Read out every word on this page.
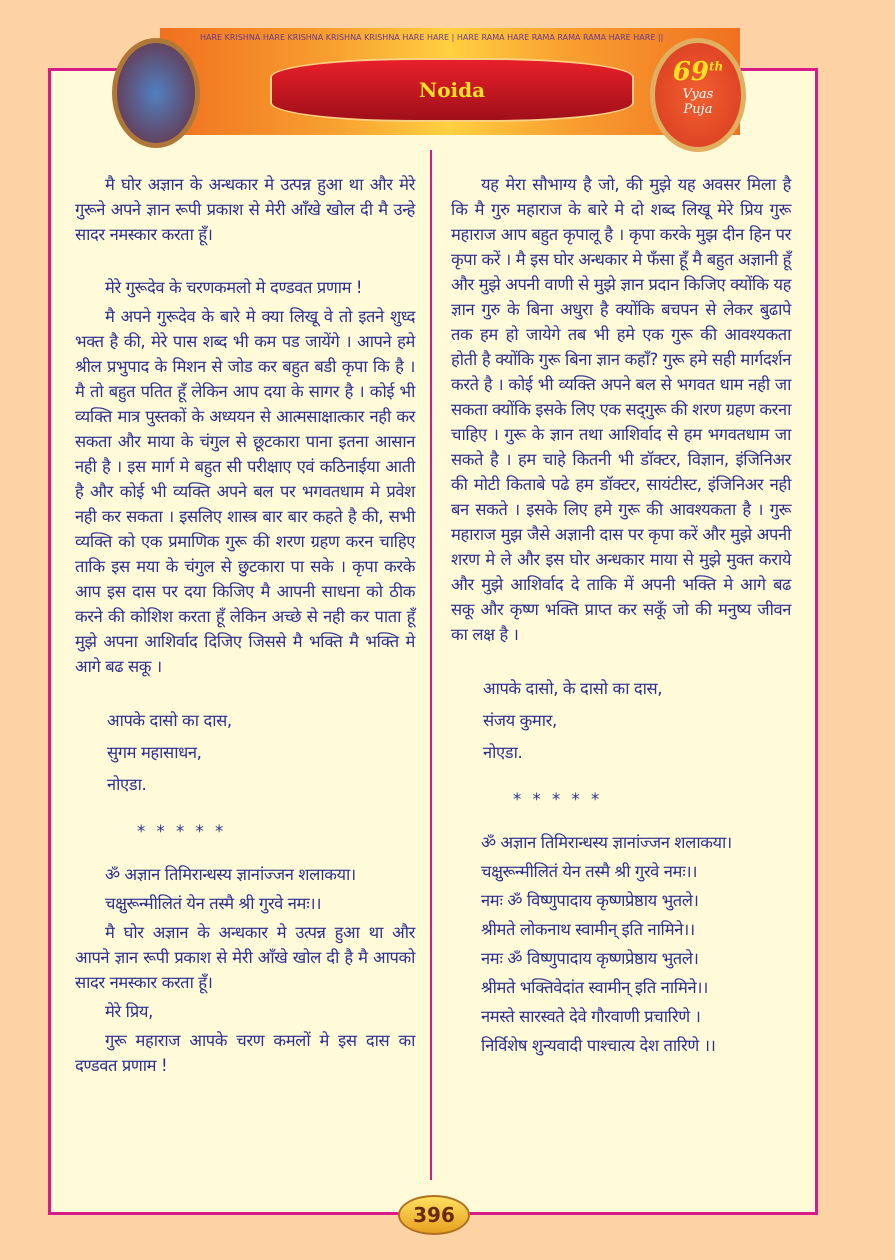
HARE KRISHNA HARE KRISHNA KRISHNA KRISHNA HARE HARE | HARE RAMA HARE RAMA RAMA RAMA HARE HARE ||
Noida
69th
Vyas
Puja

मै घोर अज्ञान के अन्धकार मे उत्पन्न हुआ था और मेरे गुरूने अपने ज्ञान रूपी प्रकाश से मेरी आँखे खोल दी मै उन्हे सादर नमस्कार करता हूँ।

मेरे गुरूदेव के चरणकमलो मे दण्डवत प्रणाम !

मै अपने गुरूदेव के बारे मे क्या लिखू वे तो इतने शुध्द भक्त है की, मेरे पास शब्द भी कम पड जायेंगे । आपने हमे श्रील प्रभुपाद के मिशन से जोड कर बहुत बडी कृपा कि है । मै तो बहुत पतित हूँ लेकिन आप दया के सागर है । कोई भी व्यक्ति मात्र पुस्तकों के अध्ययन से आत्मसाक्षात्कार नही कर सकता और माया के चंगुल से छूटकारा पाना इतना आसान नही है । इस मार्ग मे बहुत सी परीक्षाए एवं कठिनाईया आती है और कोई भी व्यक्ति अपने बल पर भगवतधाम मे प्रवेश नही कर सकता । इसलिए शास्त्र बार बार कहते है की, सभी व्यक्ति को एक प्रमाणिक गुरू की शरण ग्रहण करन चाहिए ताकि इस मया के चंगुल से छुटकारा पा सके । कृपा करके आप इस दास पर दया किजिए मै आपनी साधना को ठीक करने की कोशिश करता हूँ लेकिन अच्छे से नही कर पाता हूँ मुझे अपना आशिर्वाद दिजिए जिससे मै भक्ति मै भक्ति मे आगे बढ सकू ।

आपके दासो का दास,

सुगम महासाधन,

नोएडा.

* * * * *

ॐ अज्ञान तिमिरान्धस्य ज्ञानांज्जन शलाकया।

चक्षुरून्मीलितं येन तस्मै श्री गुरवे नमः।।

मै घोर अज्ञान के अन्धकार मे उत्पन्न हुआ था और आपने ज्ञान रूपी प्रकाश से मेरी आँखे खोल दी है मै आपको सादर नमस्कार करता हूँ।

मेरे प्रिय,

गुरू महाराज आपके चरण कमलों मे इस दास का दण्डवत प्रणाम !

यह मेरा सौभाग्य है जो, की मुझे यह अवसर मिला है कि मै गुरु महाराज के बारे मे दो शब्द लिखू मेरे प्रिय गुरू महाराज आप बहुत कृपालू है । कृपा करके मुझ दीन हिन पर कृपा करें । मै इस घोर अन्धकार मे फँसा हूँ मै बहुत अज्ञानी हूँ और मुझे अपनी वाणी से मुझे ज्ञान प्रदान किजिए क्योंकि यह ज्ञान गुरु के बिना अधुरा है क्योंकि बचपन से लेकर बुढापे तक हम हो जायेगे तब भी हमे एक गुरू की आवश्यकता होती है क्योंकि गुरू बिना ज्ञान कहाँ? गुरू हमे सही मार्गदर्शन करते है । कोई भी व्यक्ति अपने बल से भगवत धाम नही जा सकता क्योंकि इसके लिए एक सद्‌गुरू की शरण ग्रहण करना चाहिए । गुरू के ज्ञान तथा आशिर्वाद से हम भगवतधाम जा सकते है । हम चाहे कितनी भी डॉक्टर, विज्ञान, इंजिनिअर की मोटी किताबे पढे हम डॉक्टर, सायंटीस्ट, इंजिनिअर नही बन सकते । इसके लिए हमे गुरू की आवश्यकता है । गुरू महाराज मुझ जैसे अज्ञानी दास पर कृपा करें और मुझे अपनी शरण मे ले और इस घोर अन्धकार माया से मुझे मुक्त कराये और मुझे आशिर्वाद दे ताकि में अपनी भक्ति मे आगे बढ सकू और कृष्ण भक्ति प्राप्त कर सकूँ जो की मनुष्य जीवन का लक्ष है ।

आपके दासो, के दासो का दास,

संजय कुमार,

नोएडा.

* * * * *

ॐ अज्ञान तिमिरान्धस्य ज्ञानांज्जन शलाकया।

चक्षुरून्मीलितं येन तस्मै श्री गुरवे नमः।।

नमः ॐ विष्णुपादाय कृष्णप्रेष्ठाय भुतले।

श्रीमते लोकनाथ स्वामीन् इति नामिने।।

नमः ॐ विष्णुपादाय कृष्णप्रेष्ठाय भुतले।

श्रीमते भक्तिवेदांत स्वामीन् इति नामिने।।

नमस्ते सारस्वते देवे गौरवाणी प्रचारिणे ।

निर्विशेष शुन्यवादी पाश्चात्य देश तारिणे ।।

396
